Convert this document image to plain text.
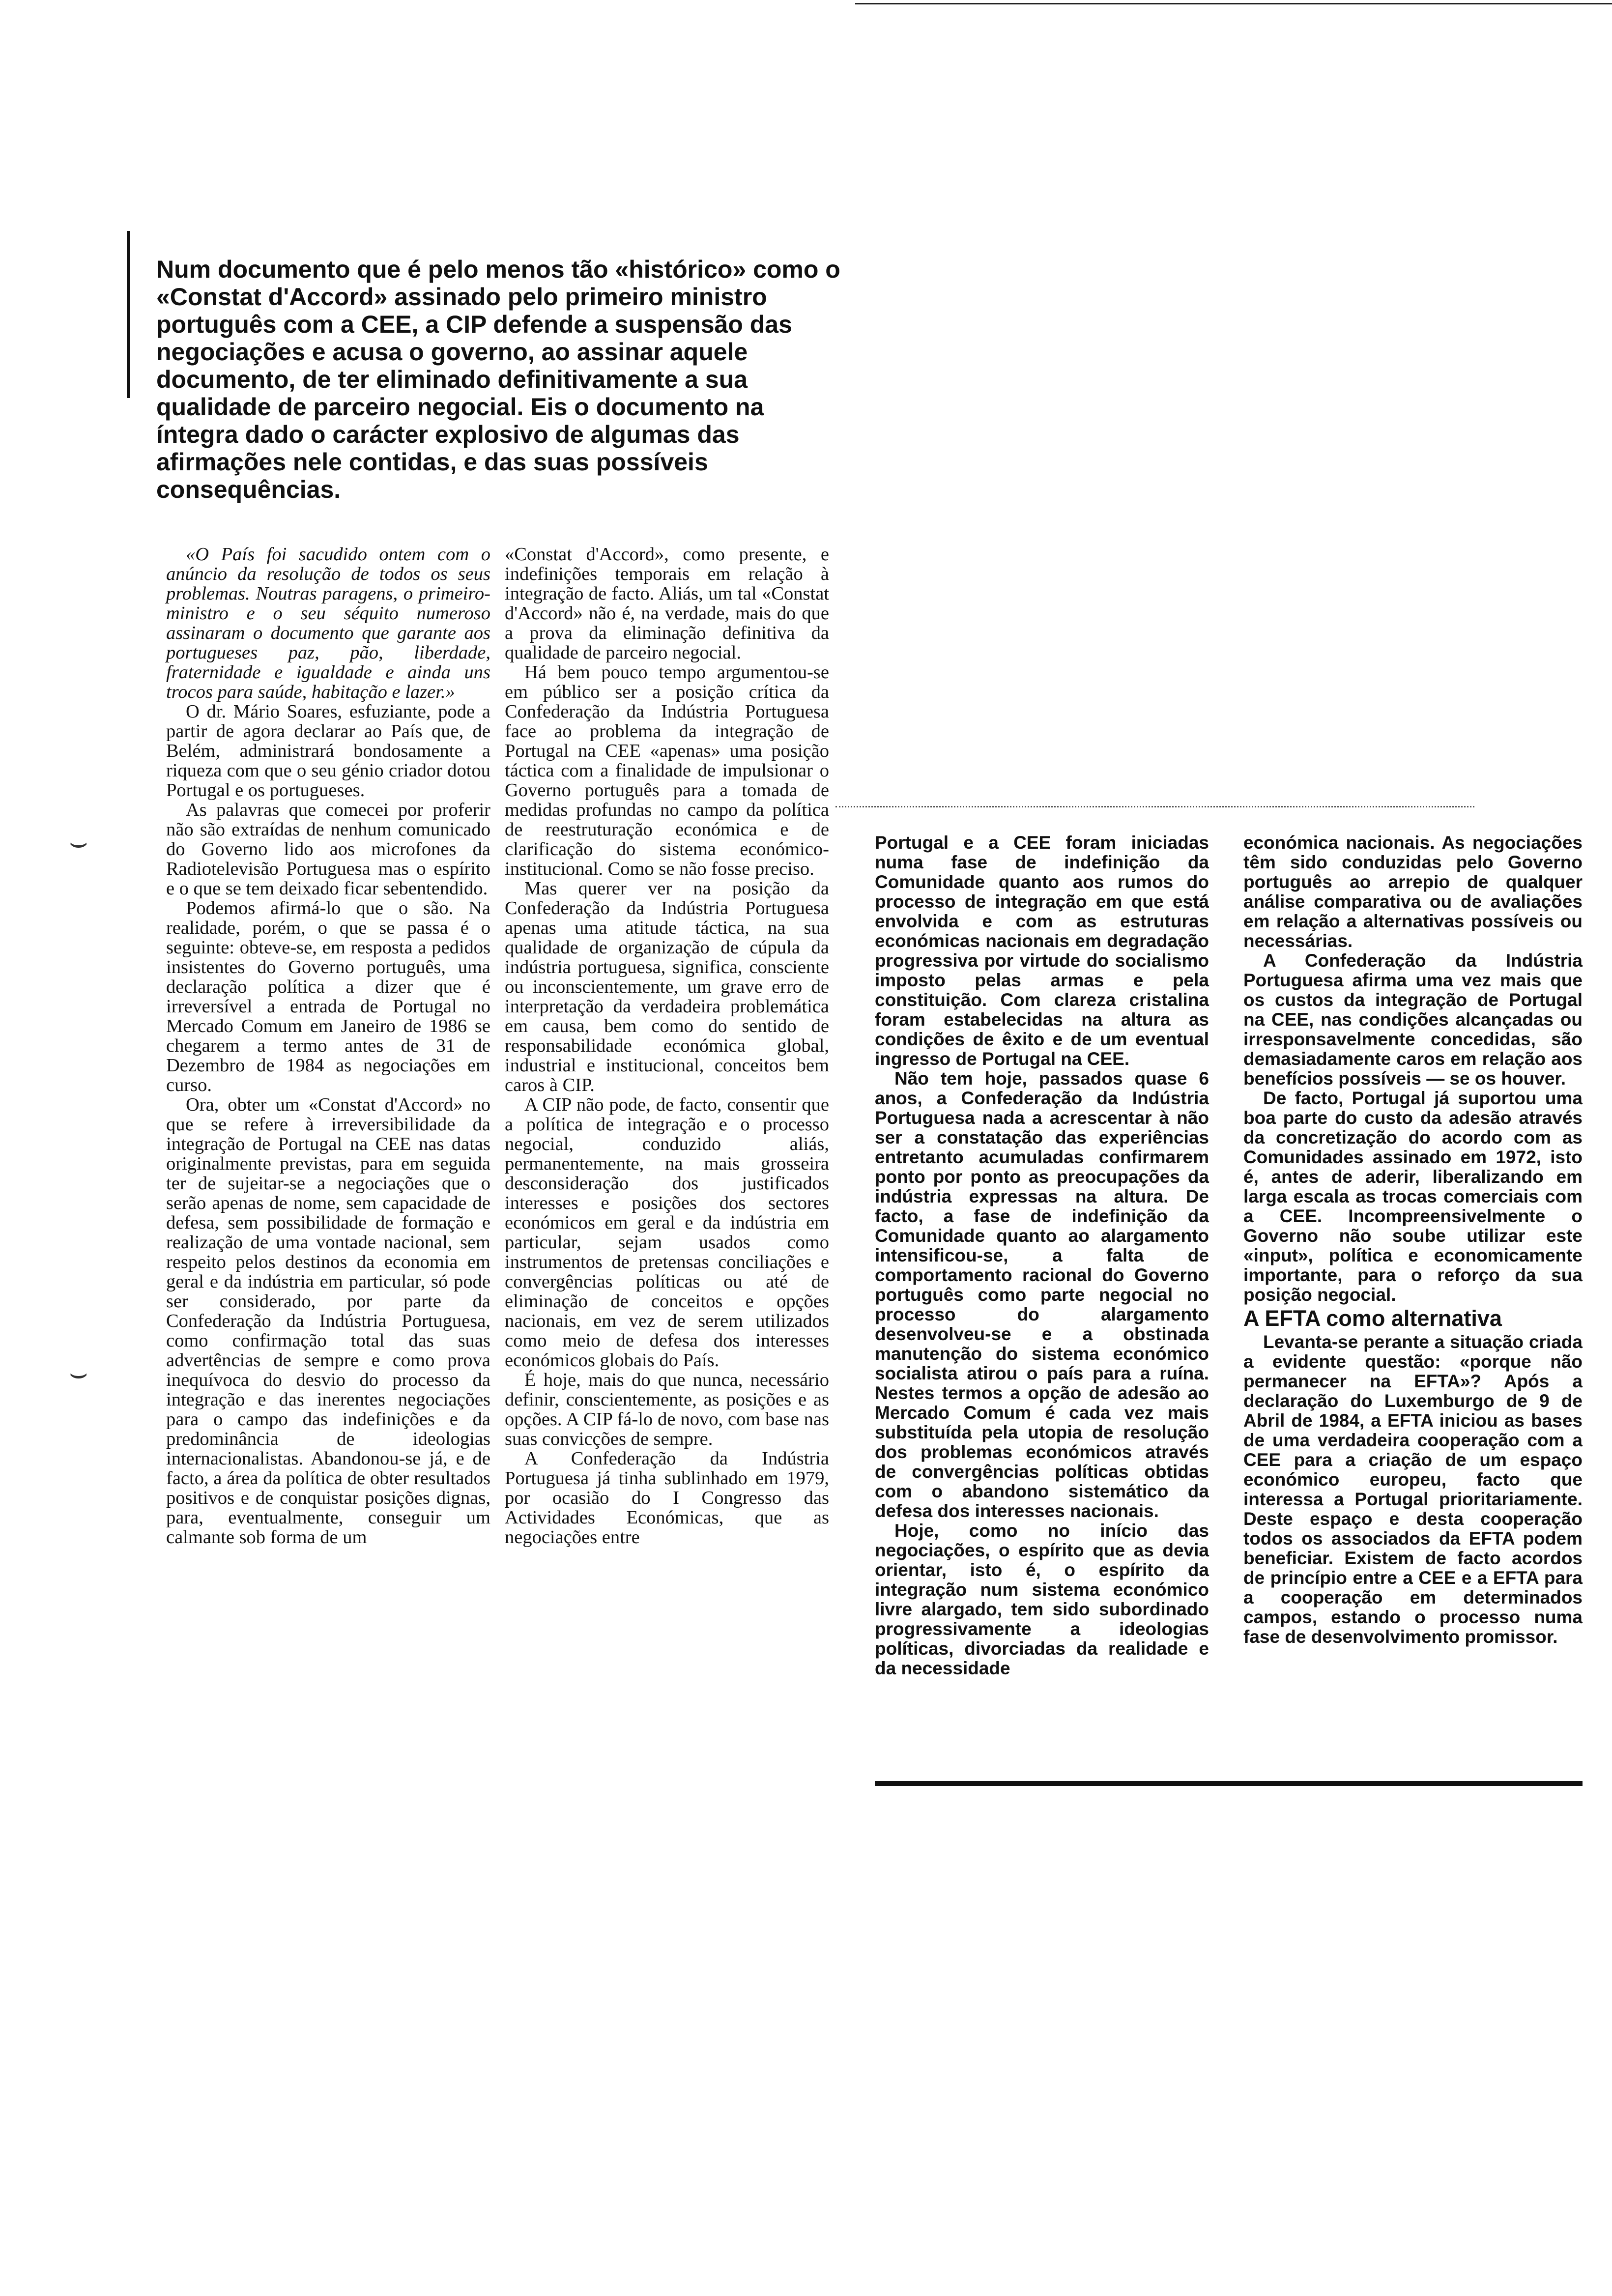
⌣
⌣

Num documento que é pelo menos tão «histórico» como o «Constat d'Accord» assinado pelo primeiro ministro português com a CEE, a CIP defende a suspensão das negociações e acusa o governo, ao assinar aquele documento, de ter eliminado definitivamente a sua qualidade de parceiro negocial. Eis o documento na íntegra dado o carácter explosivo de algumas das afirmações nele contidas, e das suas possíveis consequências.

«O País foi sacudido ontem com o anúncio da resolução de todos os seus problemas. Noutras paragens, o primeiro-ministro e o seu séquito numeroso assinaram o documento que garante aos portugueses paz, pão, liberdade, fraternidade e igualdade e ainda uns trocos para saúde, habitação e lazer.»

O dr. Mário Soares, esfuziante, pode a partir de agora declarar ao País que, de Belém, administrará bondosamente a riqueza com que o seu génio criador dotou Portugal e os portugueses.

As palavras que comecei por proferir não são extraídas de nenhum comunicado do Governo lido aos microfones da Radiotelevisão Portuguesa mas o espírito e o que se tem deixado ficar sebentendido.

Podemos afirmá-lo que o são. Na realidade, porém, o que se passa é o seguinte: obteve-se, em resposta a pedidos insistentes do Governo português, uma declaração política a dizer que é irreversível a entrada de Portugal no Mercado Comum em Janeiro de 1986 se chegarem a termo antes de 31 de Dezembro de 1984 as negociações em curso.

Ora, obter um «Constat d'Accord» no que se refere à irreversibilidade da integração de Portugal na CEE nas datas originalmente previstas, para em seguida ter de sujeitar-se a negociações que o serão apenas de nome, sem capacidade de defesa, sem possibilidade de formação e realização de uma vontade nacional, sem respeito pelos destinos da economia em geral e da indústria em particular, só pode ser considerado, por parte da Confederação da Indústria Portuguesa, como confirmação total das suas advertências de sempre e como prova inequívoca do desvio do processo da integração e das inerentes negociações para o campo das indefinições e da predominância de ideologias internacionalistas. Abandonou-se já, e de facto, a área da política de obter resultados positivos e de conquistar posições dignas, para, eventualmente, conseguir um calmante sob forma de um

«Constat d'Accord», como presente, e indefinições temporais em relação à integração de facto. Aliás, um tal «Constat d'Accord» não é, na verdade, mais do que a prova da eliminação definitiva da qualidade de parceiro negocial.

Há bem pouco tempo argumentou-se em público ser a posição crítica da Confederação da Indústria Portuguesa face ao problema da integração de Portugal na CEE «apenas» uma posição táctica com a finalidade de impulsionar o Governo português para a tomada de medidas profundas no campo da política de reestruturação económica e de clarificação do sistema económico-institucional. Como se não fosse preciso.

Mas querer ver na posição da Confederação da Indústria Portuguesa apenas uma atitude táctica, na sua qualidade de organização de cúpula da indústria portuguesa, significa, consciente ou inconscientemente, um grave erro de interpretação da verdadeira problemática em causa, bem como do sentido de responsabilidade económica global, industrial e institucional, conceitos bem caros à CIP.

A CIP não pode, de facto, consentir que a política de integração e o processo negocial, conduzido aliás, permanentemente, na mais grosseira desconsideração dos justificados interesses e posições dos sectores económicos em geral e da indústria em particular, sejam usados como instrumentos de pretensas conciliações e convergências políticas ou até de eliminação de conceitos e opções nacionais, em vez de serem utilizados como meio de defesa dos interesses económicos globais do País.

É hoje, mais do que nunca, necessário definir, conscientemente, as posições e as opções. A CIP fá-lo de novo, com base nas suas convicções de sempre.

A Confederação da Indústria Portuguesa já tinha sublinhado em 1979, por ocasião do I Congresso das Actividades Económicas, que as negociações entre

Portugal e a CEE foram iniciadas numa fase de indefinição da Comunidade quanto aos rumos do processo de integração em que está envolvida e com as estruturas económicas nacionais em degradação progressiva por virtude do socialismo imposto pelas armas e pela constituição. Com clareza cristalina foram estabelecidas na altura as condições de êxito e de um eventual ingresso de Portugal na CEE.

Não tem hoje, passados quase 6 anos, a Confederação da Indústria Portuguesa nada a acrescentar à não ser a constatação das experiências entretanto acumuladas confirmarem ponto por ponto as preocupações da indústria expressas na altura. De facto, a fase de indefinição da Comunidade quanto ao alargamento intensificou-se, a falta de comportamento racional do Governo português como parte negocial no processo do alargamento desenvolveu-se e a obstinada manutenção do sistema económico socialista atirou o país para a ruína. Nestes termos a opção de adesão ao Mercado Comum é cada vez mais substituída pela utopia de resolução dos problemas económicos através de convergências políticas obtidas com o abandono sistemático da defesa dos interesses nacionais.

Hoje, como no início das negociações, o espírito que as devia orientar, isto é, o espírito da integração num sistema económico livre alargado, tem sido subordinado progressivamente a ideologias políticas, divorciadas da realidade e da necessidade

económica nacionais. As negociações têm sido conduzidas pelo Governo português ao arrepio de qualquer análise comparativa ou de avaliações em relação a alternativas possíveis ou necessárias.

A Confederação da Indústria Portuguesa afirma uma vez mais que os custos da integração de Portugal na CEE, nas condições alcançadas ou irresponsavelmente concedidas, são demasiadamente caros em relação aos benefícios possíveis — se os houver.

De facto, Portugal já suportou uma boa parte do custo da adesão através da concretização do acordo com as Comunidades assinado em 1972, isto é, antes de aderir, liberalizando em larga escala as trocas comerciais com a CEE. Incompreensivelmente o Governo não soube utilizar este «input», política e economicamente importante, para o reforço da sua posição negocial.

A EFTA como alternativa

Levanta-se perante a situação criada a evidente questão: «porque não permanecer na EFTA»? Após a declaração do Luxemburgo de 9 de Abril de 1984, a EFTA iniciou as bases de uma verdadeira cooperação com a CEE para a criação de um espaço económico europeu, facto que interessa a Portugal prioritariamente. Deste espaço e desta cooperação todos os associados da EFTA podem beneficiar. Existem de facto acordos de princípio entre a CEE e a EFTA para a cooperação em determinados campos, estando o processo numa fase de desenvolvimento promissor.
